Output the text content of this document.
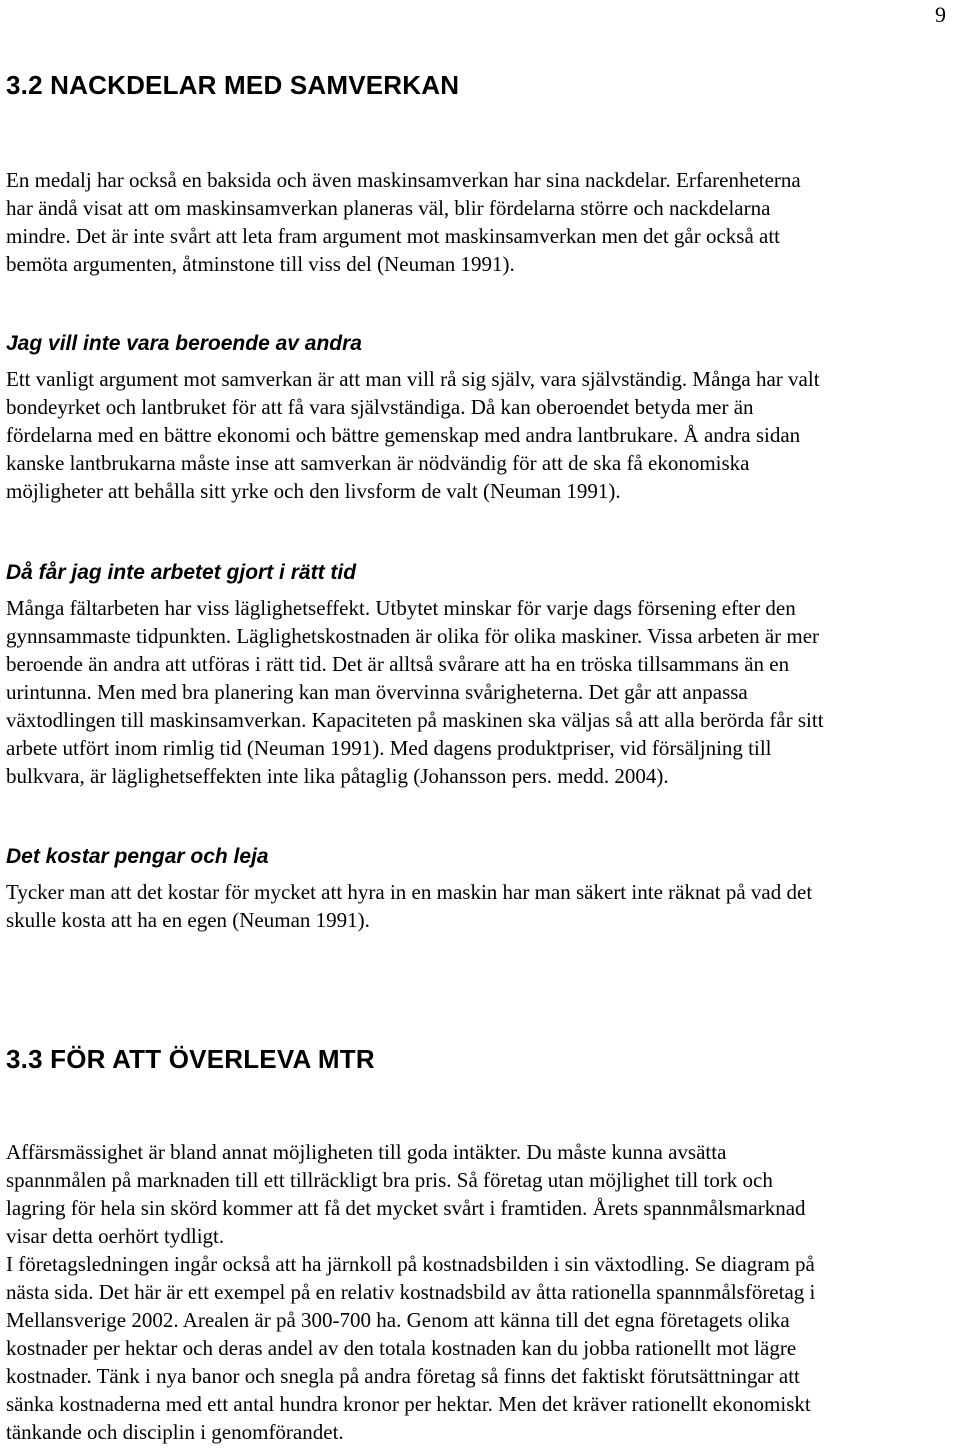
9
3.2 NACKDELAR MED SAMVERKAN
En medalj har också en baksida och även maskinsamverkan har sina nackdelar. Erfarenheterna
har ändå visat att om maskinsamverkan planeras väl, blir fördelarna större och nackdelarna
mindre. Det är inte svårt att leta fram argument mot maskinsamverkan men det går också att
bemöta argumenten, åtminstone till viss del (Neuman 1991).
Jag vill inte vara beroende av andra
Ett vanligt argument mot samverkan är att man vill rå sig själv, vara självständig. Många har valt
bondeyrket och lantbruket för att få vara självständiga. Då kan oberoendet betyda mer än
fördelarna med en bättre ekonomi och bättre gemenskap med andra lantbrukare. Å andra sidan
kanske lantbrukarna måste inse att samverkan är nödvändig för att de ska få ekonomiska
möjligheter att behålla sitt yrke och den livsform de valt (Neuman 1991).
Då får jag inte arbetet gjort i rätt tid
Många fältarbeten har viss läglighetseffekt. Utbytet minskar för varje dags försening efter den
gynnsammaste tidpunkten. Läglighetskostnaden är olika för olika maskiner. Vissa arbeten är mer
beroende än andra att utföras i rätt tid. Det är alltså svårare att ha en tröska tillsammans än en
urintunna. Men med bra planering kan man övervinna svårigheterna. Det går att anpassa
växtodlingen till maskinsamverkan. Kapaciteten på maskinen ska väljas så att alla berörda får sitt
arbete utfört inom rimlig tid (Neuman 1991). Med dagens produktpriser, vid försäljning till
bulkvara, är läglighetseffekten inte lika påtaglig (Johansson pers. medd. 2004).
Det kostar pengar och leja
Tycker man att det kostar för mycket att hyra in en maskin har man säkert inte räknat på vad det
skulle kosta att ha en egen (Neuman 1991).
3.3 FÖR ATT ÖVERLEVA MTR
Affärsmässighet är bland annat möjligheten till goda intäkter. Du måste kunna avsätta
spannmålen på marknaden till ett tillräckligt bra pris. Så företag utan möjlighet till tork och
lagring för hela sin skörd kommer att få det mycket svårt i framtiden. Årets spannmålsmarknad
visar detta oerhört tydligt.
I företagsledningen ingår också att ha järnkoll på kostnadsbilden i sin växtodling. Se diagram på
nästa sida. Det här är ett exempel på en relativ kostnadsbild av åtta rationella spannmålsföretag i
Mellansverige 2002. Arealen är på 300-700 ha. Genom att känna till det egna företagets olika
kostnader per hektar och deras andel av den totala kostnaden kan du jobba rationellt mot lägre
kostnader. Tänk i nya banor och snegla på andra företag så finns det faktiskt förutsättningar att
sänka kostnaderna med ett antal hundra kronor per hektar. Men det kräver rationellt ekonomiskt
tänkande och disciplin i genomförandet.
